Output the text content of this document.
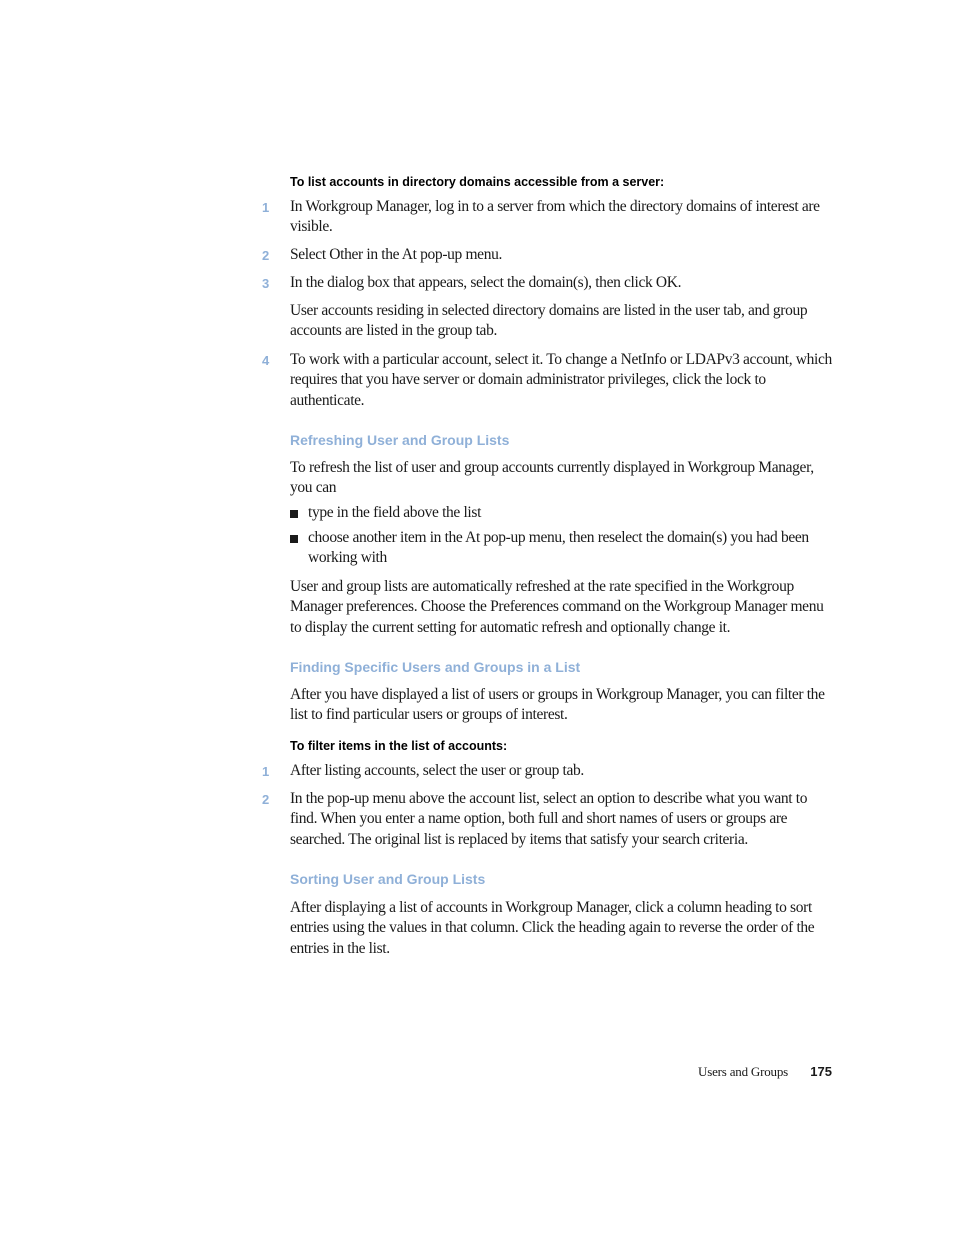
To list accounts in directory domains accessible from a server:
1	In Workgroup Manager, log in to a server from which the directory domains of interest are visible.
2	Select Other in the At pop-up menu.
3	In the dialog box that appears, select the domain(s), then click OK.
User accounts residing in selected directory domains are listed in the user tab, and group accounts are listed in the group tab.
4	To work with a particular account, select it. To change a NetInfo or LDAPv3 account, which requires that you have server or domain administrator privileges, click the lock to authenticate.
Refreshing User and Group Lists
To refresh the list of user and group accounts currently displayed in Workgroup Manager, you can
type in the field above the list
choose another item in the At pop-up menu, then reselect the domain(s) you had been working with
User and group lists are automatically refreshed at the rate specified in the Workgroup Manager preferences. Choose the Preferences command on the Workgroup Manager menu to display the current setting for automatic refresh and optionally change it.
Finding Specific Users and Groups in a List
After you have displayed a list of users or groups in Workgroup Manager, you can filter the list to find particular users or groups of interest.
To filter items in the list of accounts:
1	After listing accounts, select the user or group tab.
2	In the pop-up menu above the account list, select an option to describe what you want to find. When you enter a name option, both full and short names of users or groups are searched. The original list is replaced by items that satisfy your search criteria.
Sorting User and Group Lists
After displaying a list of accounts in Workgroup Manager, click a column heading to sort entries using the values in that column. Click the heading again to reverse the order of the entries in the list.
Users and Groups 175
